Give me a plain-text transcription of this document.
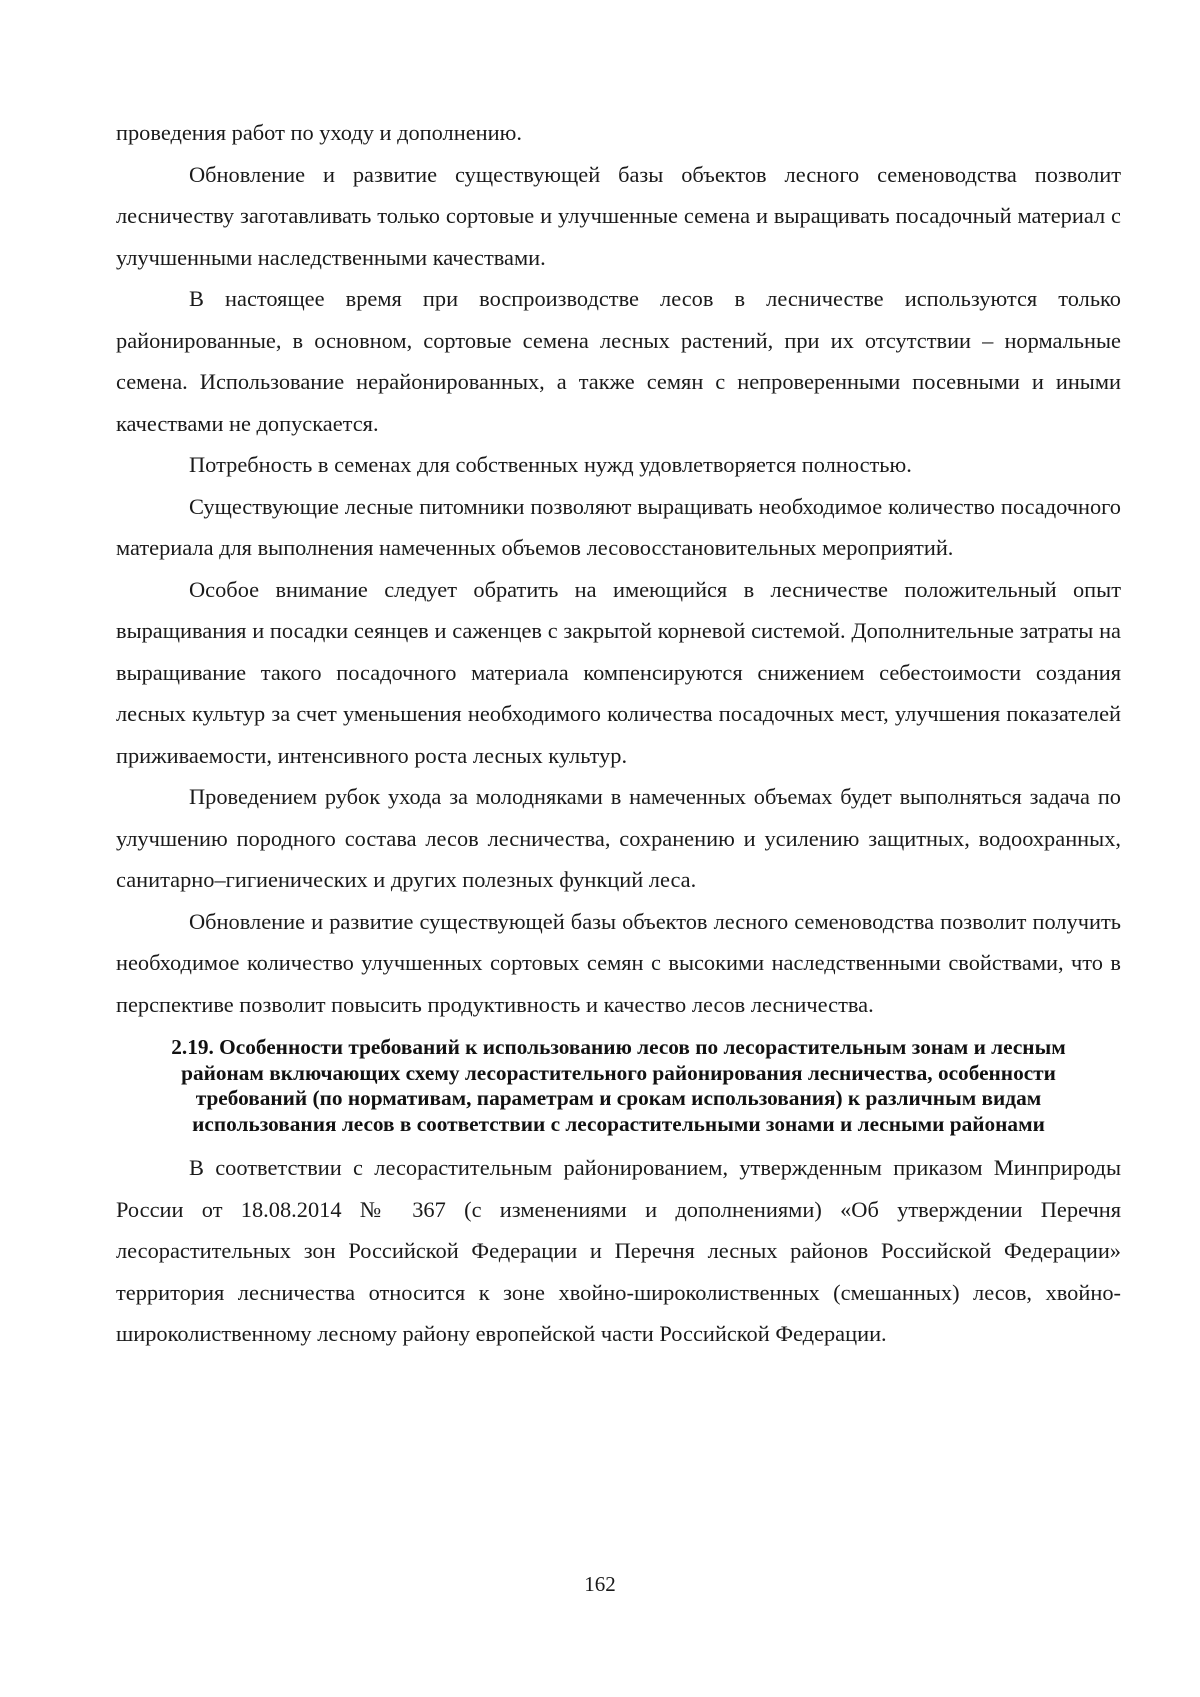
проведения работ по уходу и дополнению.

Обновление и развитие существующей базы объектов лесного семеноводства позволит лесничеству заготавливать только сортовые и улучшенные семена и выращивать посадочный материал с улучшенными наследственными качествами.

В настоящее время при воспроизводстве лесов в лесничестве используются только районированные, в основном, сортовые семена лесных растений, при их отсутствии – нормальные семена. Использование нерайонированных, а также семян с непроверенными посевными и иными качествами не допускается.

Потребность в семенах для собственных нужд удовлетворяется полностью.

Существующие лесные питомники позволяют выращивать необходимое количество посадочного материала для выполнения намеченных объемов лесовосстановительных мероприятий.

Особое внимание следует обратить на имеющийся в лесничестве положительный опыт выращивания и посадки сеянцев и саженцев с закрытой корневой системой. Дополнительные затраты на выращивание такого посадочного материала компенсируются снижением себестоимости создания лесных культур за счет уменьшения необходимого количества посадочных мест, улучшения показателей приживаемости, интенсивного роста лесных культур.

Проведением рубок ухода за молодняками в намеченных объемах будет выполняться задача по улучшению породного состава лесов лесничества, сохранению и усилению защитных, водоохранных, санитарно–гигиенических и других полезных функций леса.

Обновление и развитие существующей базы объектов лесного семеноводства позволит получить необходимое количество улучшенных сортовых семян с высокими наследственными свойствами, что в перспективе позволит повысить продуктивность и качество лесов лесничества.

2.19. Особенности требований к использованию лесов по лесорастительным зонам и лесным районам включающих схему лесорастительного районирования лесничества, особенности требований (по нормативам, параметрам и срокам использования) к различным видам использования лесов в соответствии с лесорастительными зонами и лесными районами

В соответствии с лесорастительным районированием, утвержденным приказом Минприроды России от 18.08.2014 № 367 (с изменениями и дополнениями) «Об утверждении Перечня лесорастительных зон Российской Федерации и Перечня лесных районов Российской Федерации» территория лесничества относится к зоне хвойно-широколиственных (смешанных) лесов, хвойно-широколиственному лесному району европейской части Российской Федерации.

162
